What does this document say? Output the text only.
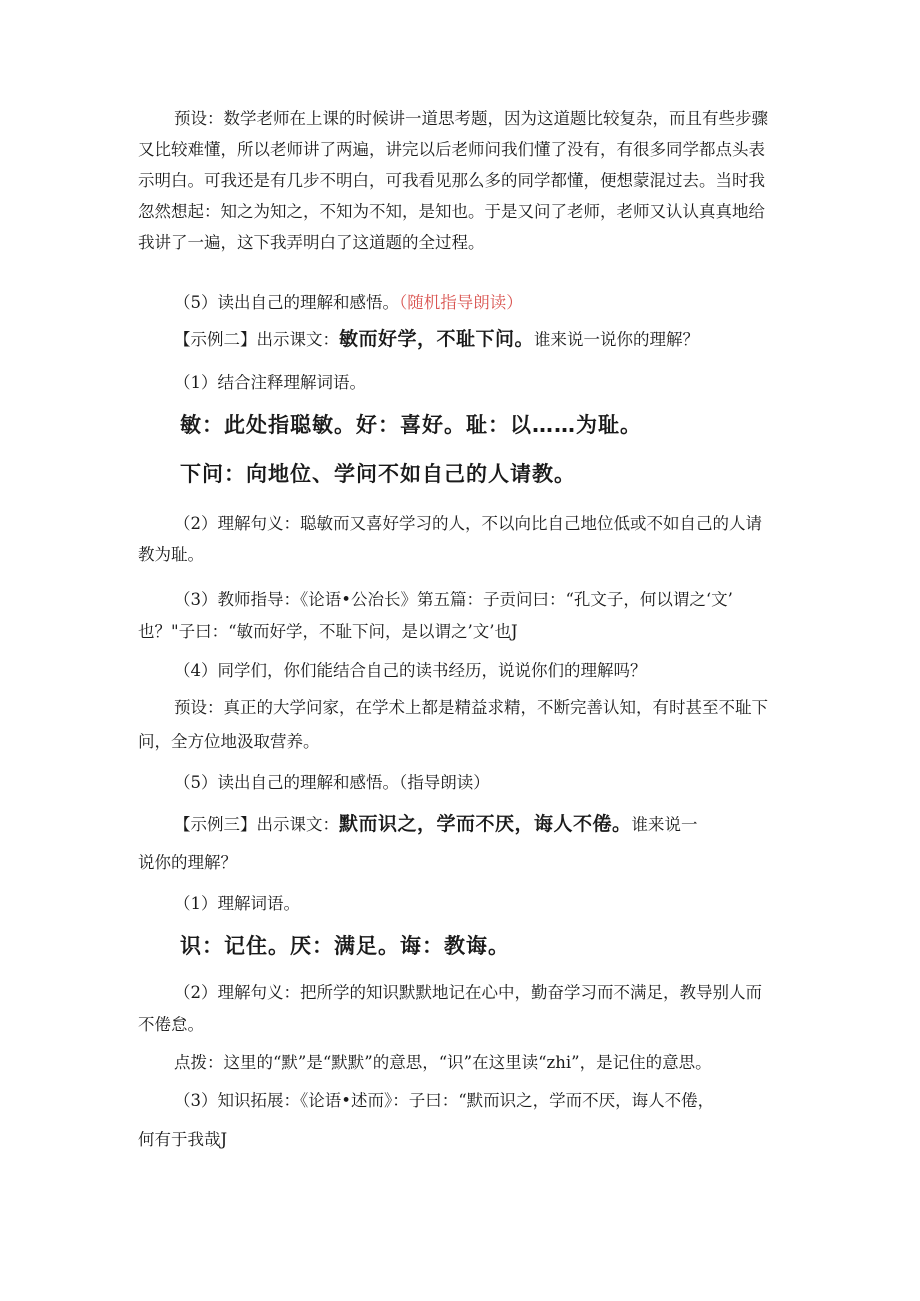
预设：数学老师在上课的时候讲一道思考题，因为这道题比较复杂，而且有些步骤

又比较难懂，所以老师讲了两遍，讲完以后老师问我们懂了没有，有很多同学都点头表

示明白。可我还是有几步不明白，可我看见那么多的同学都懂，便想蒙混过去。当时我

忽然想起：知之为知之，不知为不知，是知也。于是又问了老师，老师又认认真真地给

我讲了一遍，这下我弄明白了这道题的全过程。

（5）读出自己的理解和感悟。（随机指导朗读）

【示例二】出示课文：敏而好学，不耻下问。谁来说一说你的理解？

（1）结合注释理解词语。

敏：此处指聪敏。好：喜好。耻：以……为耻。

下问：向地位、学问不如自己的人请教。

（2）理解句义：聪敏而又喜好学习的人，不以向比自己地位低或不如自己的人请

教为耻。

（3）教师指导：《论语•公冶长》第五篇：子贡问曰：“孔文子，何以谓之‘文’

也？"子曰：“敏而好学，不耻下问，是以谓之’文’也J

（4）同学们，你们能结合自己的读书经历，说说你们的理解吗？

预设：真正的大学问家，在学术上都是精益求精，不断完善认知，有时甚至不耻下

问，全方位地汲取营养。

（5）读出自己的理解和感悟。（指导朗读）

【示例三】出示课文：默而识之，学而不厌，诲人不倦。谁来说一

说你的理解？

（1）理解词语。

识：记住。厌：满足。诲：教诲。

（2）理解句义：把所学的知识默默地记在心中，勤奋学习而不满足，教导别人而

不倦怠。

点拨：这里的“默”是“默默”的意思，“识”在这里读“zhi”，是记住的意思。

（3）知识拓展：《论语•述而》：子曰：“默而识之，学而不厌，诲人不倦，

何有于我哉J
